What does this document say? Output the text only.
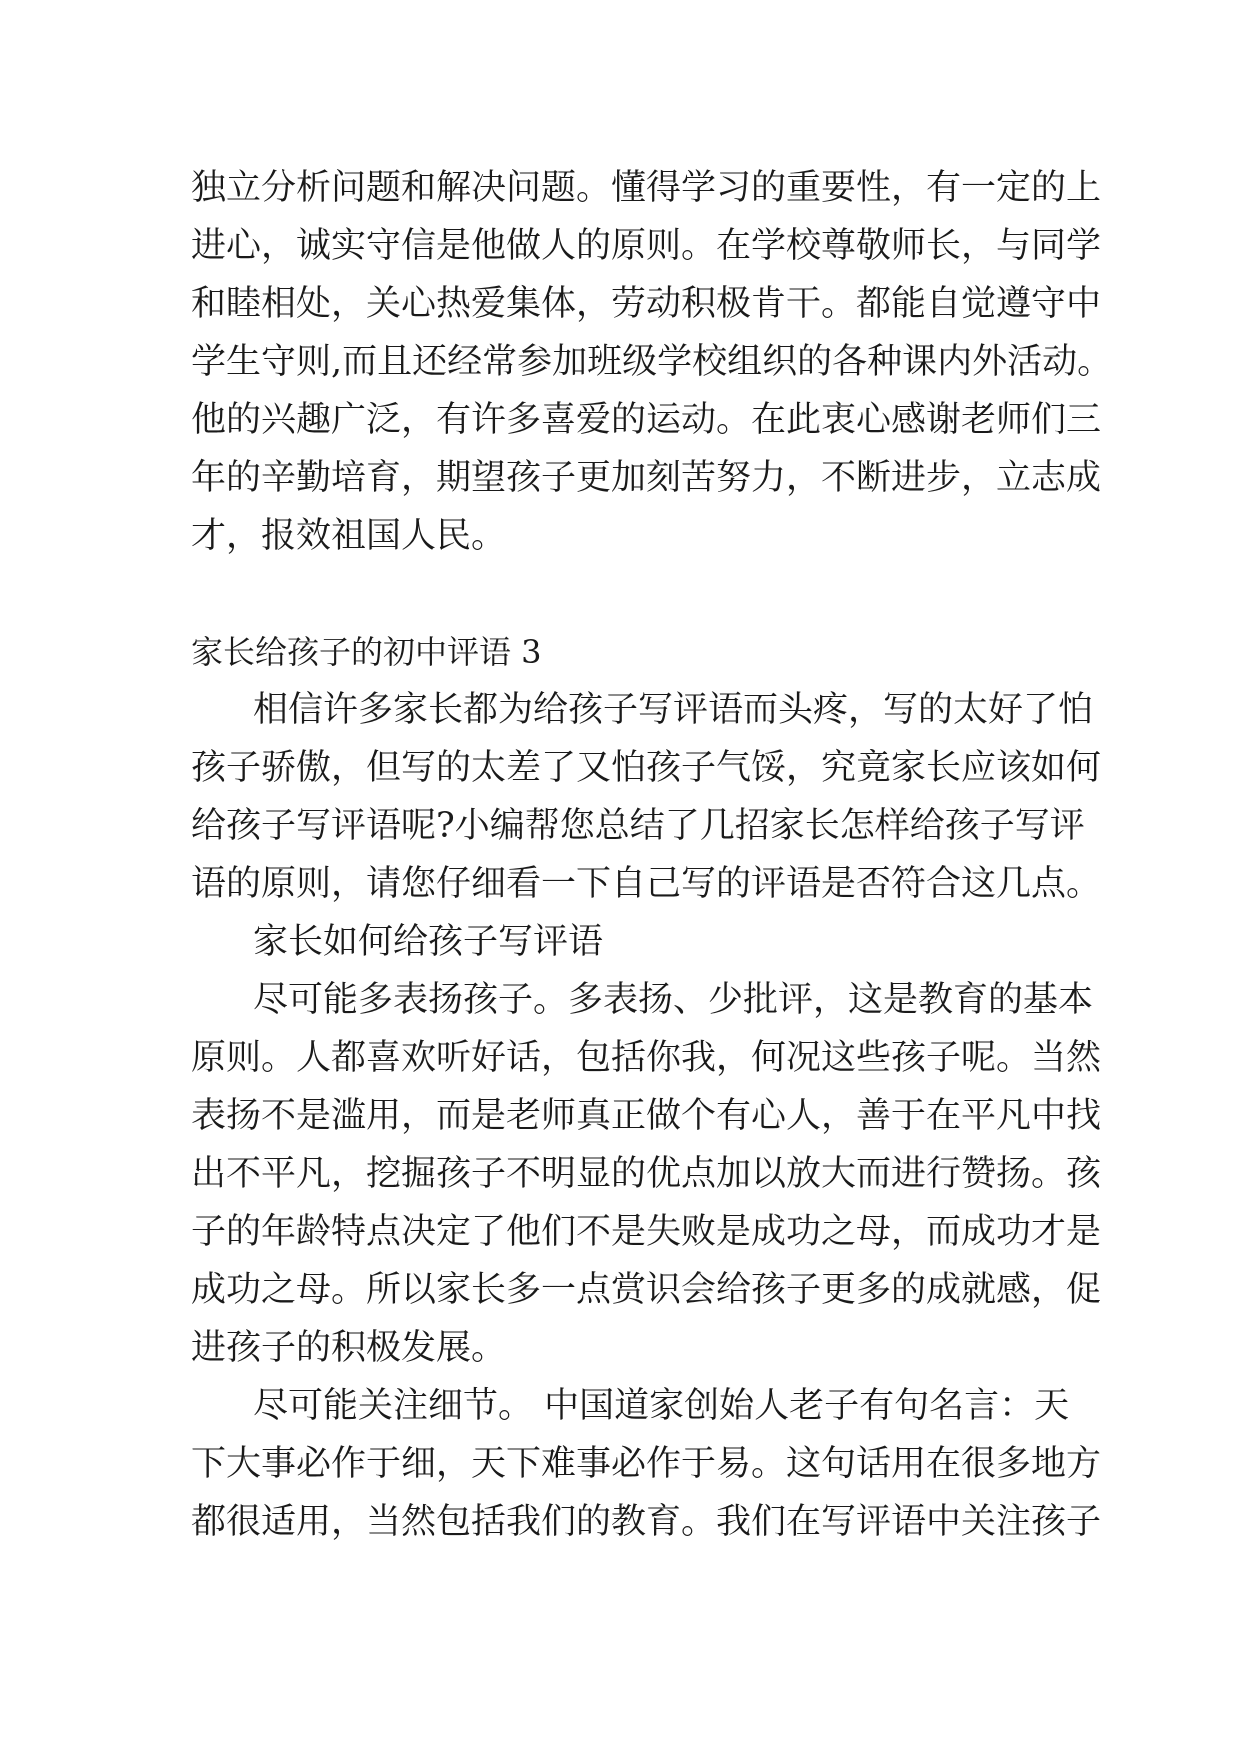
独立分析问题和解决问题。懂得学习的重要性，有一定的上
进心，诚实守信是他做人的原则。在学校尊敬师长，与同学
和睦相处，关心热爱集体，劳动积极肯干。都能自觉遵守中
学生守则,而且还经常参加班级学校组织的各种课内外活动。
他的兴趣广泛，有许多喜爱的运动。在此衷心感谢老师们三
年的辛勤培育，期望孩子更加刻苦努力，不断进步，立志成
才，报效祖国人民。
家长给孩子的初中评语 3
相信许多家长都为给孩子写评语而头疼，写的太好了怕
孩子骄傲，但写的太差了又怕孩子气馁，究竟家长应该如何
给孩子写评语呢?小编帮您总结了几招家长怎样给孩子写评
语的原则，请您仔细看一下自己写的评语是否符合这几点。
家长如何给孩子写评语
尽可能多表扬孩子。多表扬、少批评，这是教育的基本
原则。人都喜欢听好话，包括你我，何况这些孩子呢。当然
表扬不是滥用，而是老师真正做个有心人，善于在平凡中找
出不平凡，挖掘孩子不明显的优点加以放大而进行赞扬。孩
子的年龄特点决定了他们不是失败是成功之母，而成功才是
成功之母。所以家长多一点赏识会给孩子更多的成就感，促
进孩子的积极发展。
尽可能关注细节。 中国道家创始人老子有句名言：天
下大事必作于细，天下难事必作于易。这句话用在很多地方
都很适用，当然包括我们的教育。我们在写评语中关注孩子
